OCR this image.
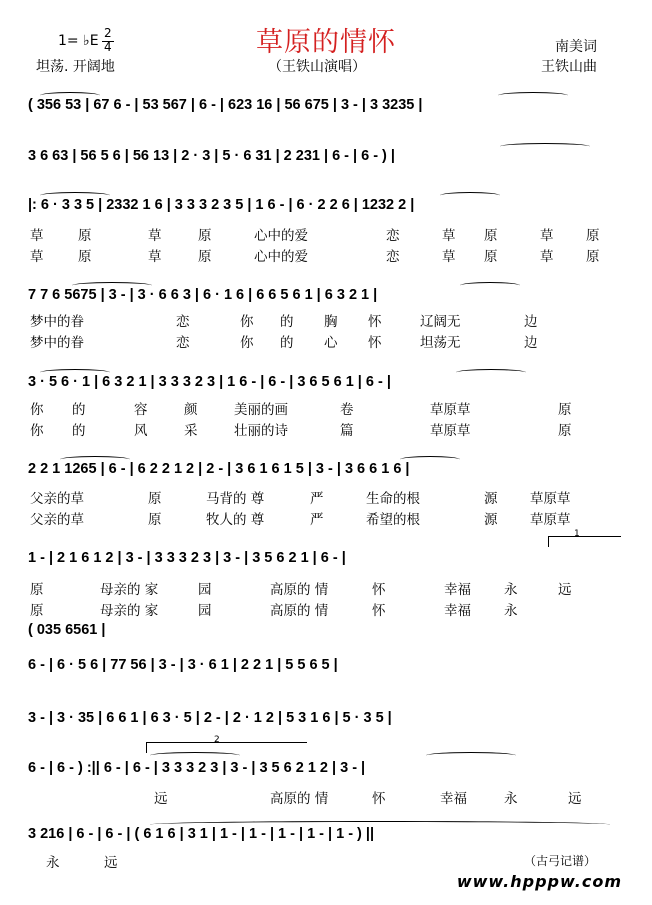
草原的情怀
1= ♭E 2
4
坦荡. 开阔地	（王铁山演唱）
南美词
王铁山曲
( 356 53 | 67 6 - | 53 567 | 6 - | 623 16 | 56 675 | 3 - | 3 3235 |
3 6 63 | 56 5 6 | 56 13 | 2 · 3 | 5 · 6 31 | 2 231 | 6 - | 6 - ) |
|: 6 · 3 3 5 | 2332 1 6 | 3 3 3 2 3 5 | 1 6 - | 6 · 2 2 6 | 1232 2 |
7 7 6 5675 | 3 - | 3 · 6 6 3 | 6 · 1 6 | 6 6 5 6 1 | 6 3 2 1 |
3 · 5 6 · 1 | 6 3 2 1 | 3 3 3 2 3 | 1 6 - | 6 - | 3 6 5 6 1 | 6 - |
2 2 1 1265 | 6 - | 6 2 2 1 2 | 2 - | 3 6 1 6 1 5 | 3 - | 3 6 6 1 6 |
1 - | 2 1 6 1 2 | 3 - | 3 3 3 2 3 | 3 - | 3 5 6 2 1 | 6 - |
( 035 6561 |
6 - | 6 · 5 6 | 77 56 | 3 - | 3 · 6 1 | 2 2 1 | 5 5 6 5 |
3 - | 3 · 35 | 6 6 1 | 6 3 · 5 | 2 - | 2 · 1 2 | 5 3 1 6 | 5 · 3 5 |
6 - | 6 - ) :|| 6 - | 6 - | 3 3 3 2 3 | 3 - | 3 5 6 2 1 2 | 3 - |
3 216 | 6 - | 6 - | ( 6 1 6 | 3 1 | 1 - | 1 - | 1 - | 1 - | 1 - ) ||
草	原	草	原	心中的爱	恋	草 原	草 原
草	原	草	原	心中的爱	恋	草 原	草 原
梦中的眷	恋	你 的 胸 怀	辽阔无	边
梦中的眷	恋	你 的 心 怀	坦荡无	边
你 的	容	颜	美丽的画	卷	草原草	原
你 的	风	采	壮丽的诗	篇	草原草	原
父亲的草	原	马背的 尊	严	生命的根	源 草原草
父亲的草	原	牧人的 尊	严	希望的根	源 草原草
原	母亲的 家	园	高原的 情	怀	幸福 永	远
原	母亲的 家	园	高原的 情	怀	幸福 永
远	高原的 情	怀	幸福	永	远
永	远
1
2
（古弓记谱）
www.hpppw.com
